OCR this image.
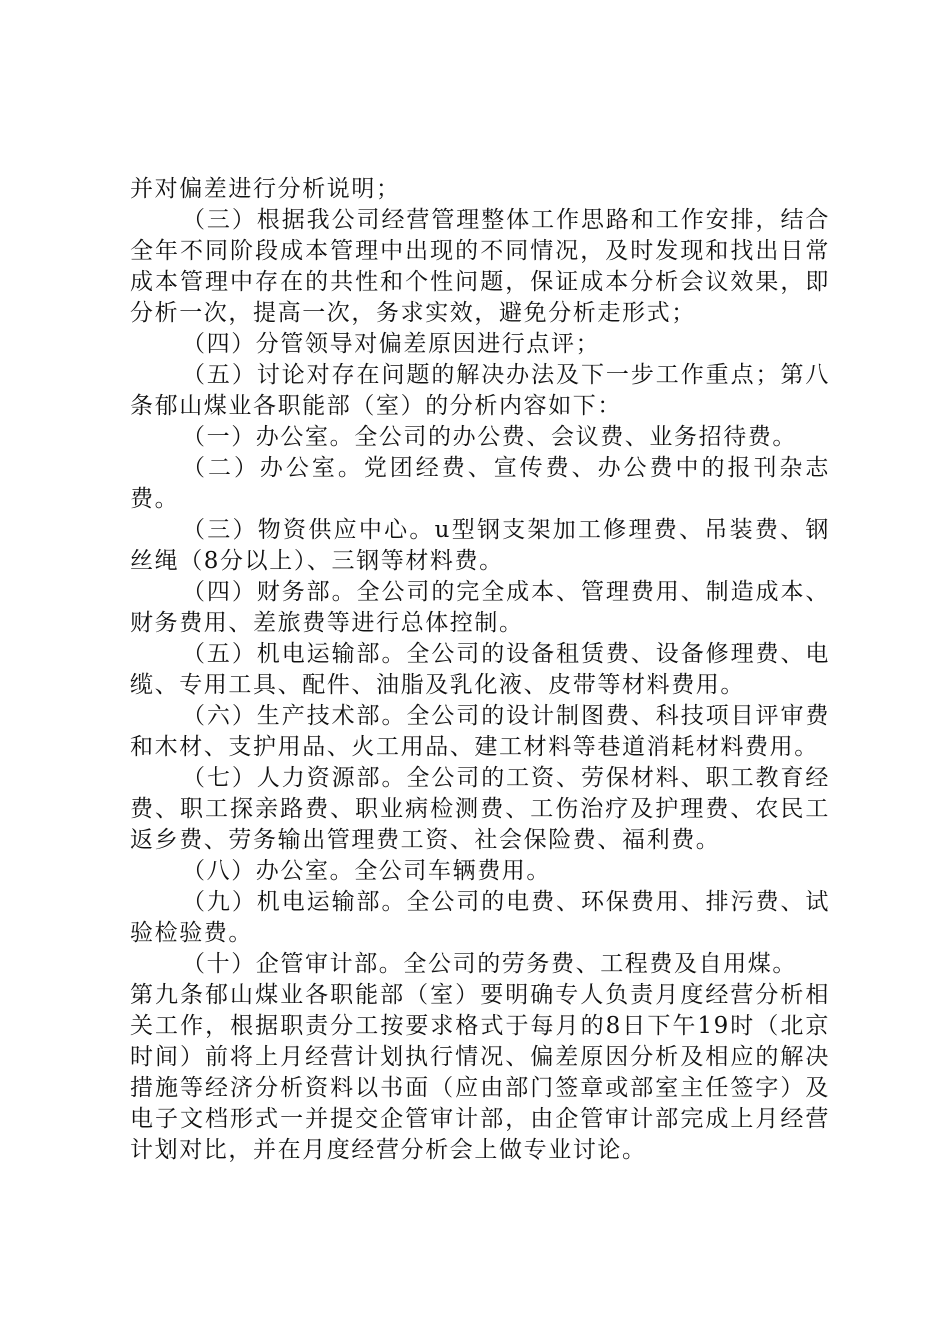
并对偏差进行分析说明；

（三）根据我公司经营管理整体工作思路和工作安排，结合全年不同阶段成本管理中出现的不同情况，及时发现和找出日常成本管理中存在的共性和个性问题，保证成本分析会议效果，即分析一次，提高一次，务求实效，避免分析走形式；

（四）分管领导对偏差原因进行点评；

（五）讨论对存在问题的解决办法及下一步工作重点；第八条郁山煤业各职能部（室）的分析内容如下：

（一）办公室。全公司的办公费、会议费、业务招待费。

（二）办公室。党团经费、宣传费、办公费中的报刊杂志费。

（三）物资供应中心。u型钢支架加工修理费、吊装费、钢丝绳（8分以上）、三钢等材料费。

（四）财务部。全公司的完全成本、管理费用、制造成本、财务费用、差旅费等进行总体控制。

（五）机电运输部。全公司的设备租赁费、设备修理费、电缆、专用工具、配件、油脂及乳化液、皮带等材料费用。

（六）生产技术部。全公司的设计制图费、科技项目评审费和木材、支护用品、火工用品、建工材料等巷道消耗材料费用。

（七）人力资源部。全公司的工资、劳保材料、职工教育经费、职工探亲路费、职业病检测费、工伤治疗及护理费、农民工返乡费、劳务输出管理费工资、社会保险费、福利费。

（八）办公室。全公司车辆费用。

（九）机电运输部。全公司的电费、环保费用、排污费、试验检验费。

（十）企管审计部。全公司的劳务费、工程费及自用煤。

第九条郁山煤业各职能部（室）要明确专人负责月度经营分析相关工作，根据职责分工按要求格式于每月的8日下午19时（北京时间）前将上月经营计划执行情况、偏差原因分析及相应的解决措施等经济分析资料以书面（应由部门签章或部室主任签字）及电子文档形式一并提交企管审计部，由企管审计部完成上月经营计划对比，并在月度经营分析会上做专业讨论。
